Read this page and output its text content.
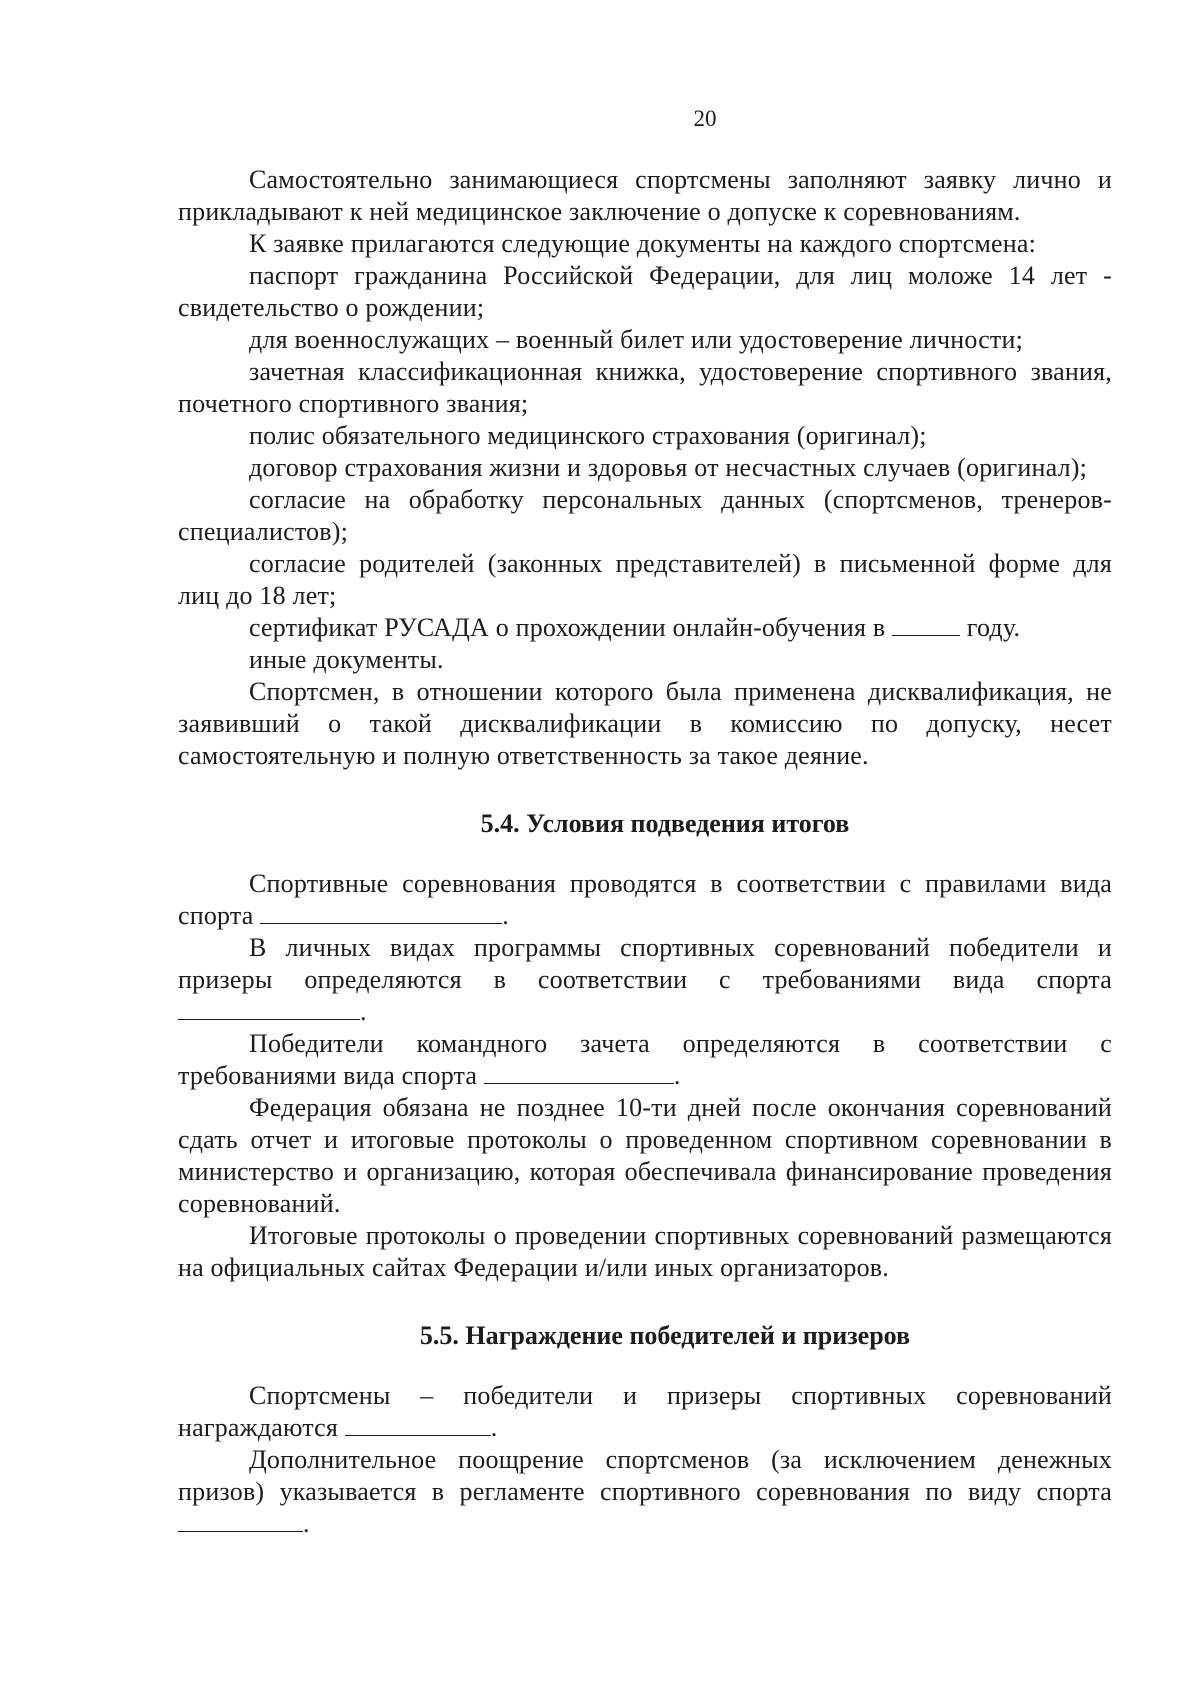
20

Самостоятельно занимающиеся спортсмены заполняют заявку лично и прикладывают к ней медицинское заключение о допуске к соревнованиям.

К заявке прилагаются следующие документы на каждого спортсмена:

паспорт гражданина Российской Федерации, для лиц моложе 14 лет - свидетельство о рождении;

для военнослужащих – военный билет или удостоверение личности;

зачетная классификационная книжка, удостоверение спортивного звания, почетного спортивного звания;

полис обязательного медицинского страхования (оригинал);

договор страхования жизни и здоровья от несчастных случаев (оригинал);

согласие на обработку персональных данных (спортсменов, тренеров-специалистов);

согласие родителей (законных представителей) в письменной форме для лиц до 18 лет;

сертификат РУСАДА о прохождении онлайн-обучения в	году.

иные документы.

Спортсмен, в отношении которого была применена дисквалификация, не заявивший о такой дисквалификации в комиссию по допуску, несет самостоятельную и полную ответственность за такое деяние.

5.4. Условия подведения итогов

Спортивные соревнования проводятся в соответствии с правилами вида спорта	.

В личных видах программы спортивных соревнований победители и призеры определяются в соответствии с требованиями вида спорта .

Победители командного зачета определяются в соответствии с требованиями вида спорта	.

Федерация обязана не позднее 10-ти дней после окончания соревнований сдать отчет и итоговые протоколы о проведенном спортивном соревновании в министерство и организацию, которая обеспечивала финансирование проведения соревнований.

Итоговые протоколы о проведении спортивных соревнований размещаются на официальных сайтах Федерации и/или иных организаторов.

5.5. Награждение победителей и призеров

Спортсмены – победители и призеры спортивных соревнований награждаются	.

Дополнительное поощрение спортсменов (за исключением денежных призов) указывается в регламенте спортивного соревнования по виду спорта .
